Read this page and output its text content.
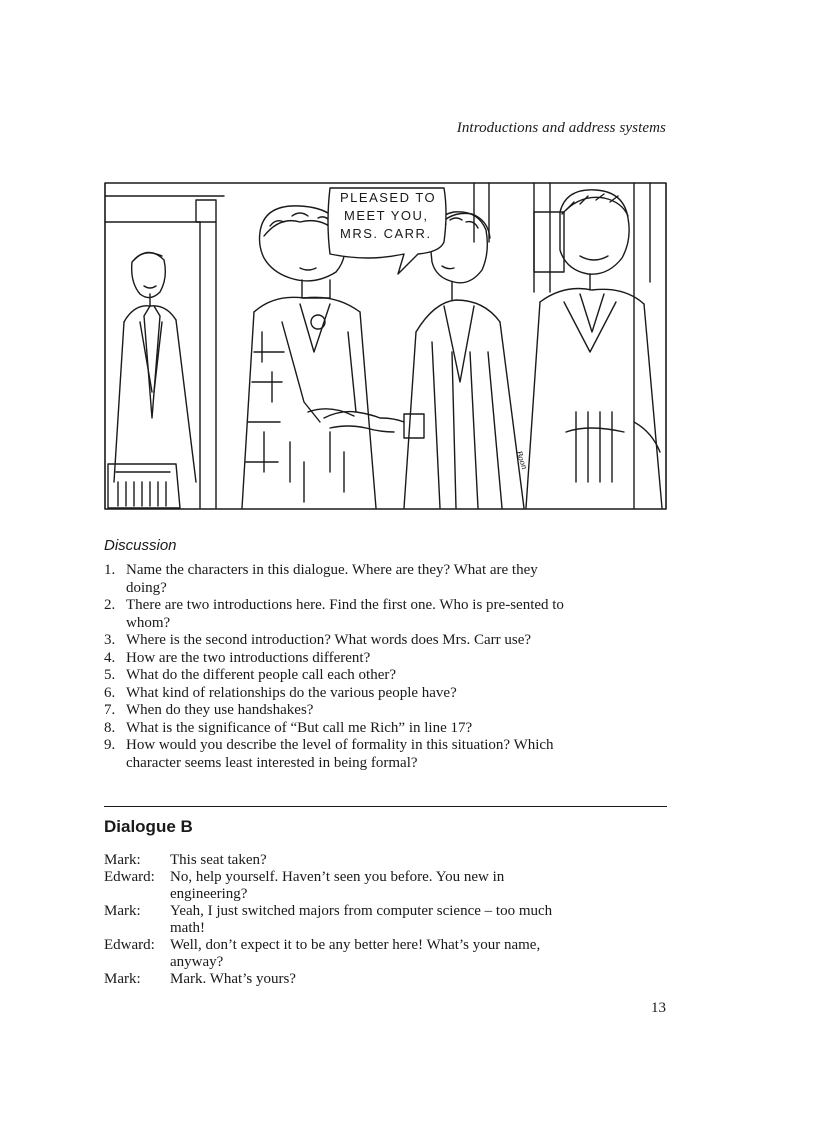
Introductions and address systems
PLEASED TO
MEET YOU,
MRS. CARR.
Boon
Discussion
1. Name the characters in this dialogue. Where are they? What are they doing?
2. There are two introductions here. Find the first one. Who is pre-sented to whom?
3. Where is the second introduction? What words does Mrs. Carr use?
4. How are the two introductions different?
5. What do the different people call each other?
6. What kind of relationships do the various people have?
7. When do they use handshakes?
8. What is the significance of “But call me Rich” in line 17?
9. How would you describe the level of formality in this situation? Which character seems least interested in being formal?
Dialogue B
Mark:	This seat taken?
Edward:	No, help yourself. Haven’t seen you before. You new in engineering?
Mark:	Yeah, I just switched majors from computer science – too much math!
Edward:	Well, don’t expect it to be any better here! What’s your name, anyway?
Mark:	Mark. What’s yours?
13
